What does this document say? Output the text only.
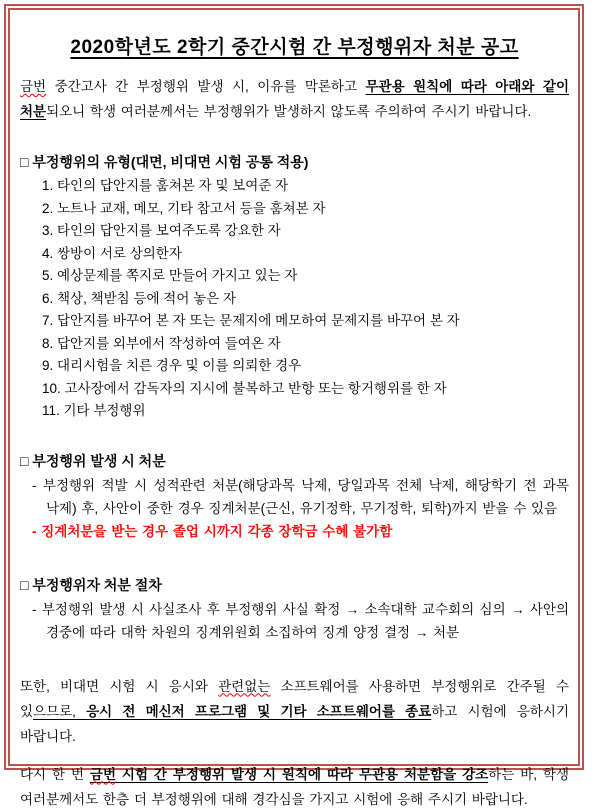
2020학년도 2학기 중간시험 간 부정행위자 처분 공고

금번 중간고사 간 부정행위 발생 시, 이유를 막론하고 무관용 원칙에 따라 아래와 같이 처분되오니 학생 여러분께서는 부정행위가 발생하지 않도록 주의하여 주시기 바랍니다.

□ 부정행위의 유형(대면, 비대면 시험 공통 적용)
1. 타인의 답안지를 훔쳐본 자 및 보여준 자
2. 노트나 교재, 메모, 기타 참고서 등을 훔쳐본 자
3. 타인의 답안지를 보여주도록 강요한 자
4. 쌍방이 서로 상의한자
5. 예상문제를 쪽지로 만들어 가지고 있는 자
6. 책상, 책받침 등에 적어 놓은 자
7. 답안지를 바꾸어 본 자 또는 문제지에 메모하여 문제지를 바꾸어 본 자
8. 답안지를 외부에서 작성하여 들여온 자
9. 대리시험을 치른 경우 및 이를 의뢰한 경우
10. 고사장에서 감독자의 지시에 불복하고 반항 또는 항거행위를 한 자
11. 기타 부정행위
□ 부정행위 발생 시 처분
- 부정행위 적발 시 성적관련 처분(해당과목 낙제, 당일과목 전체 낙제, 해당학기 전 과목 낙제) 후, 사안이 중한 경우 징계처분(근신, 유기정학, 무기정학, 퇴학)까지 받을 수 있음
- 징계처분을 받는 경우 졸업 시까지 각종 장학금 수혜 불가함
□ 부정행위자 처분 절차
- 부정행위 발생 시 사실조사 후 부정행위 사실 확정 → 소속대학 교수회의 심의 → 사안의 경중에 따라 대학 차원의 징계위원회 소집하여 징계 양정 결정 → 처분

또한, 비대면 시험 시 응시와 관련없는 소프트웨어를 사용하면 부정행위로 간주될 수 있으므로, 응시 전 메신저 프로그램 및 기타 소프트웨어를 종료하고 시험에 응하시기 바랍니다.

다시 한 번 금번 시험 간 부정행위 발생 시 원칙에 따라 무관용 처분함을 강조하는 바, 학생 여러분께서도 한층 더 부정행위에 대해 경각심을 가지고 시험에 응해 주시기 바랍니다.
